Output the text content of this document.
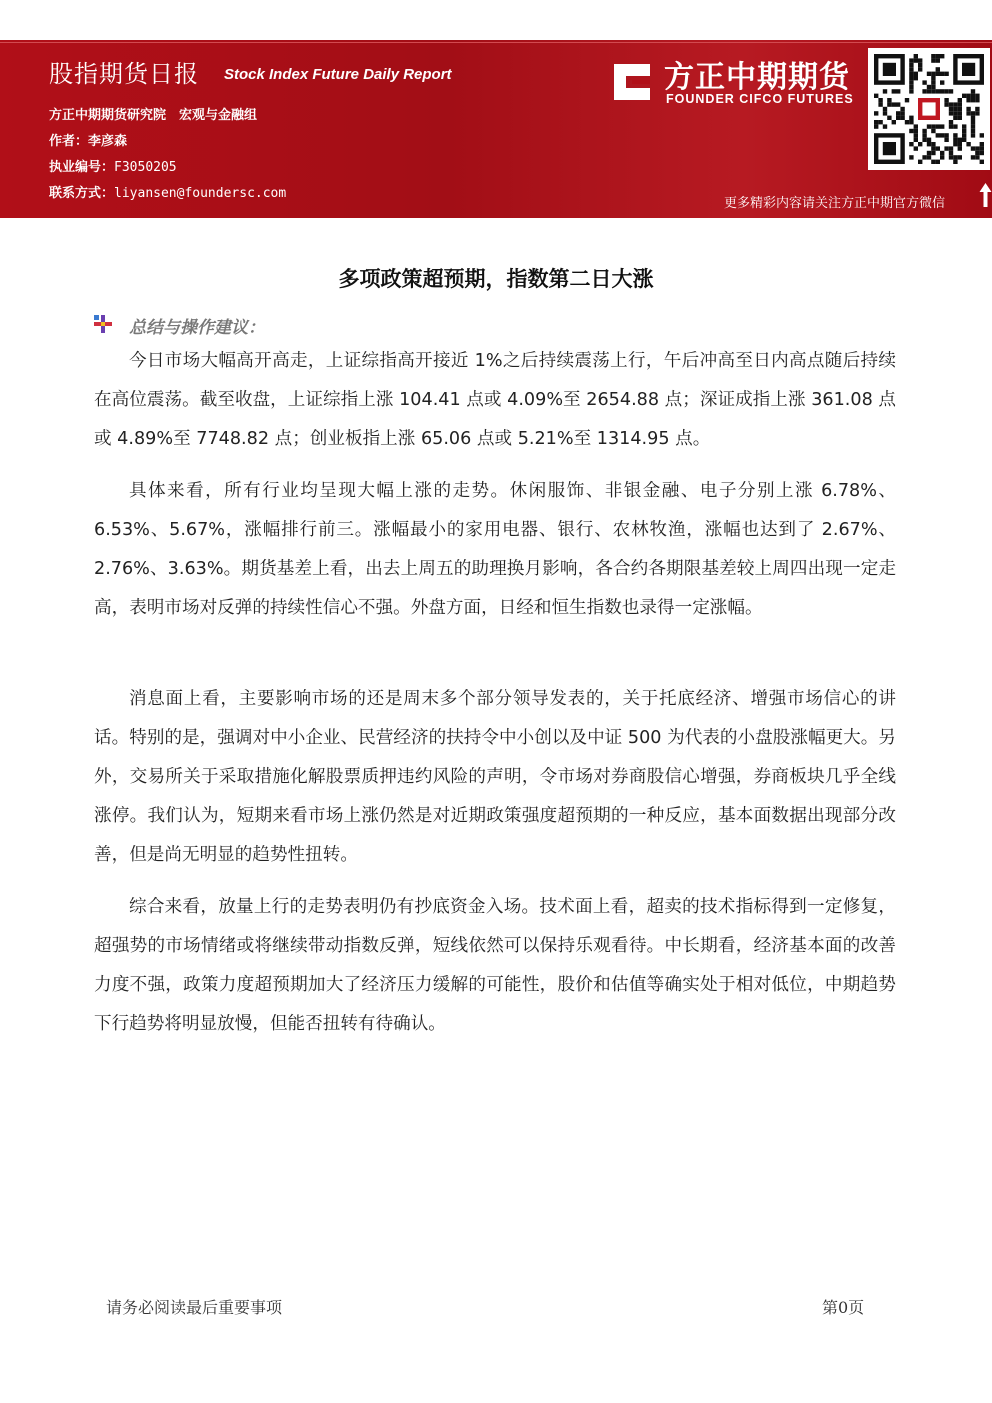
股指期货日报 Stock Index Future Daily Report
方正中期期货研究院　宏观与金融组
作者：李彦森
执业编号：F3050205
联系方式：liyansen@foundersc.com
方正中期期货
FOUNDER CIFCO FUTURES
更多精彩内容请关注方正中期官方微信
多项政策超预期，指数第二日大涨
总结与操作建议：

今日市场大幅高开高走，上证综指高开接近 1%之后持续震荡上行，午后冲高至日内高点随后持续在高位震荡。截至收盘，上证综指上涨 104.41 点或 4.09%至 2654.88 点；深证成指上涨 361.08 点或 4.89%至 7748.82 点；创业板指上涨 65.06 点或 5.21%至 1314.95 点。

具体来看，所有行业均呈现大幅上涨的走势。休闲服饰、非银金融、电子分别上涨 6.78%、6.53%、5.67%，涨幅排行前三。涨幅最小的家用电器、银行、农林牧渔，涨幅也达到了 2.67%、2.76%、3.63%。期货基差上看，出去上周五的助理换月影响，各合约各期限基差较上周四出现一定走高，表明市场对反弹的持续性信心不强。外盘方面，日经和恒生指数也录得一定涨幅。

消息面上看，主要影响市场的还是周末多个部分领导发表的，关于托底经济、增强市场信心的讲话。特别的是，强调对中小企业、民营经济的扶持令中小创以及中证 500 为代表的小盘股涨幅更大。另外，交易所关于采取措施化解股票质押违约风险的声明，令市场对券商股信心增强，券商板块几乎全线涨停。我们认为，短期来看市场上涨仍然是对近期政策强度超预期的一种反应，基本面数据出现部分改善，但是尚无明显的趋势性扭转。

综合来看，放量上行的走势表明仍有抄底资金入场。技术面上看，超卖的技术指标得到一定修复，超强势的市场情绪或将继续带动指数反弹，短线依然可以保持乐观看待。中长期看，经济基本面的改善力度不强，政策力度超预期加大了经济压力缓解的可能性，股价和估值等确实处于相对低位，中期趋势下行趋势将明显放慢，但能否扭转有待确认。

请务必阅读最后重要事项	第0页
